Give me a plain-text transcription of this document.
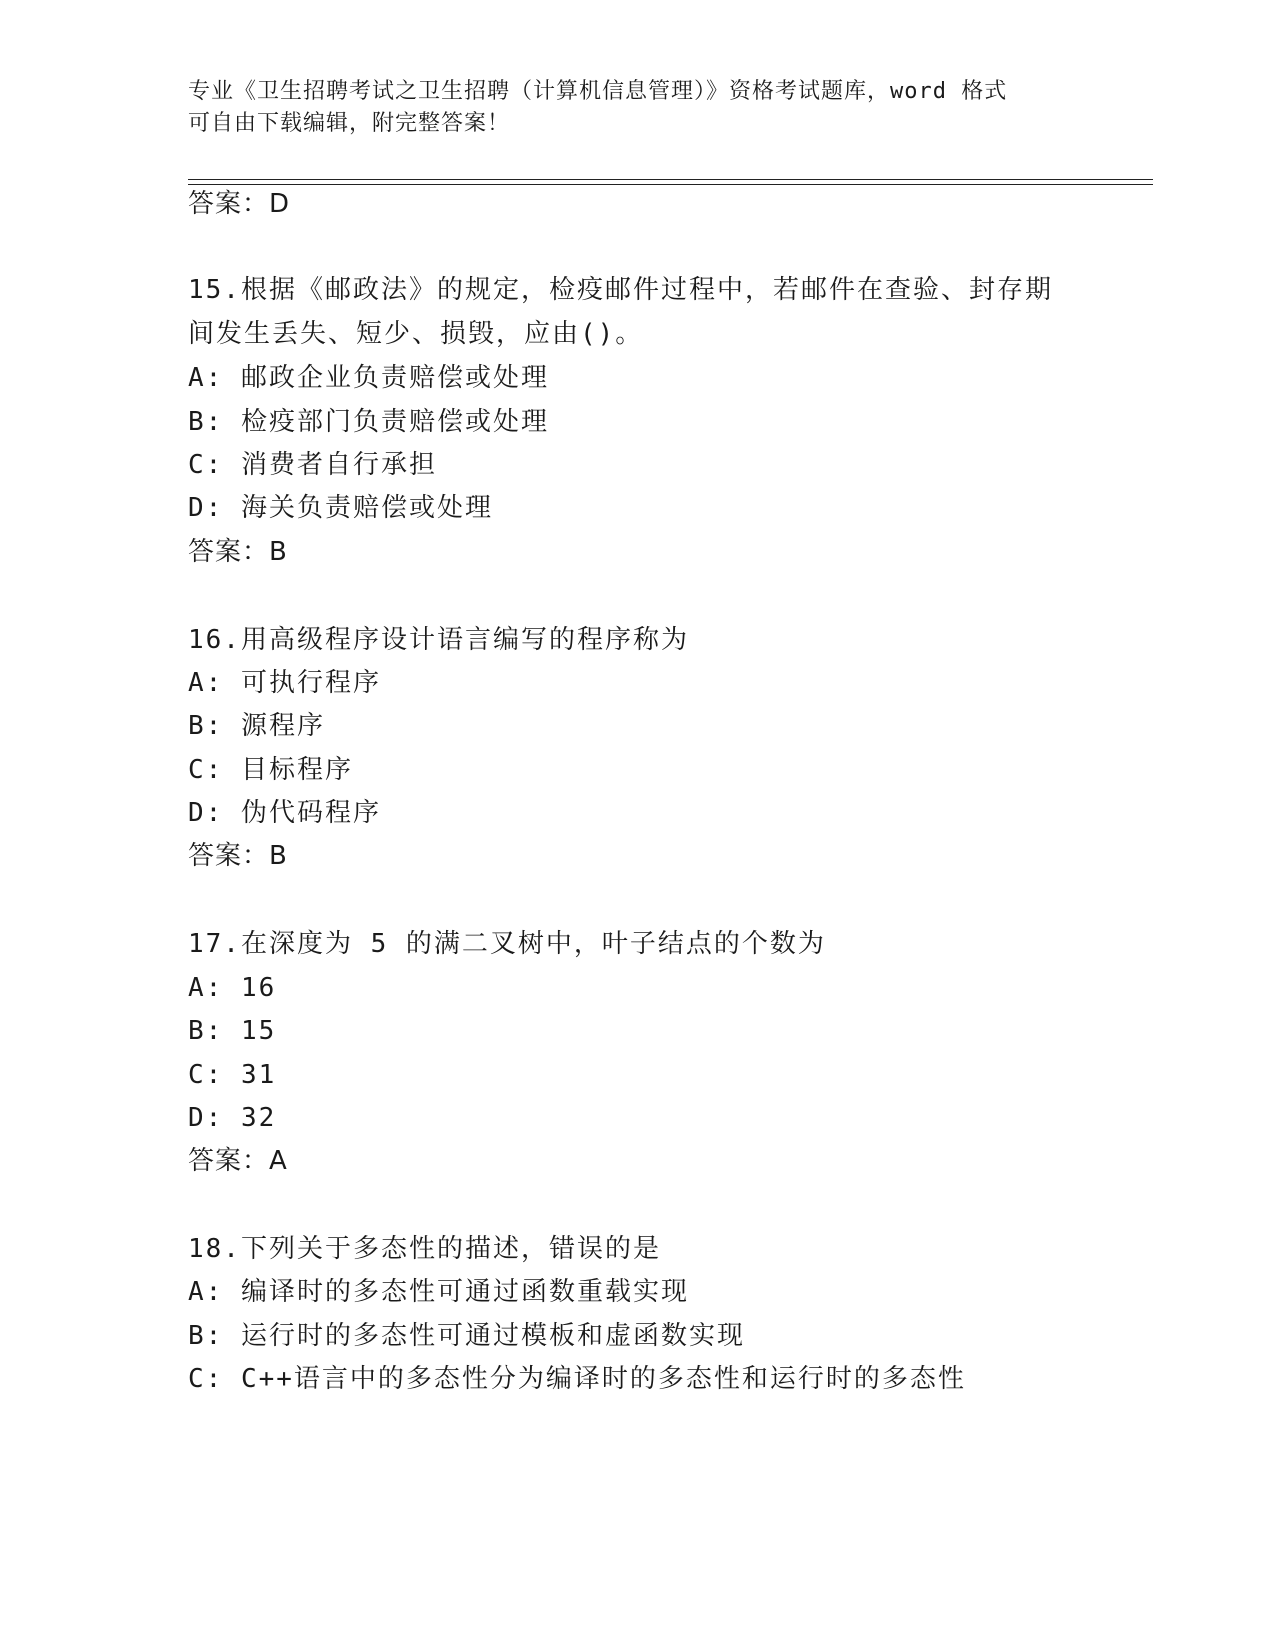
专业《卫生招聘考试之卫生招聘（计算机信息管理）》资格考试题库，word 格式
可自由下载编辑，附完整答案！
答案：D
15.根据《邮政法》的规定，检疫邮件过程中，若邮件在查验、封存期
间发生丢失、短少、损毁，应由()。
A: 邮政企业负责赔偿或处理
B: 检疫部门负责赔偿或处理
C: 消费者自行承担
D: 海关负责赔偿或处理
答案：B
16.用高级程序设计语言编写的程序称为
A: 可执行程序
B: 源程序
C: 目标程序
D: 伪代码程序
答案：B
17.在深度为 5 的满二叉树中，叶子结点的个数为
A: 16
B: 15
C: 31
D: 32
答案：A
18.下列关于多态性的描述，错误的是
A: 编译时的多态性可通过函数重载实现
B: 运行时的多态性可通过模板和虚函数实现
C: C++语言中的多态性分为编译时的多态性和运行时的多态性
